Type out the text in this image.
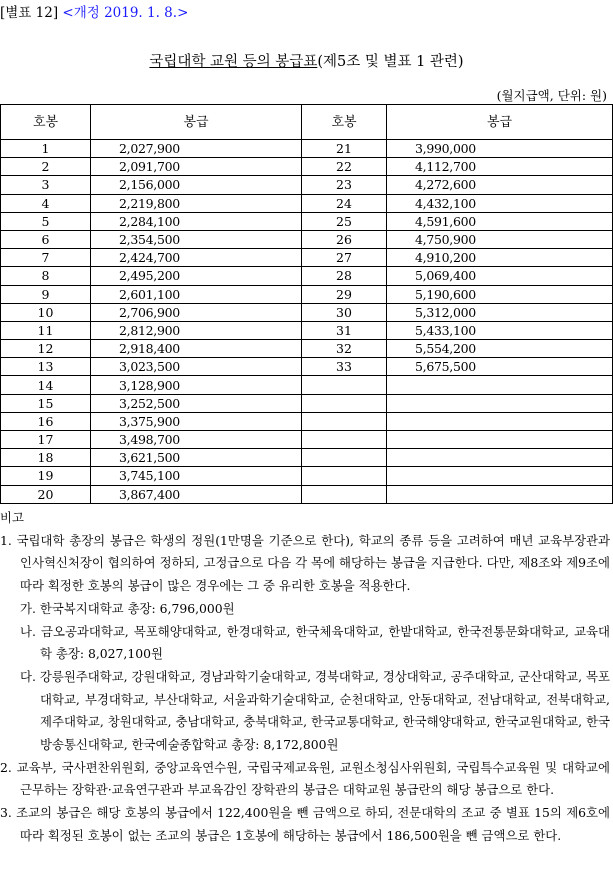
[별표 12] <개정 2019. 1. 8.>
국립대학 교원 등의 봉급표(제5조 및 별표 1 관련)
(월지급액, 단위: 원)
호봉	봉급	호봉	봉급
1	2,027,900	21	3,990,000
2	2,091,700	22	4,112,700
3	2,156,000	23	4,272,600
4	2,219,800	24	4,432,100
5	2,284,100	25	4,591,600
6	2,354,500	26	4,750,900
7	2,424,700	27	4,910,200
8	2,495,200	28	5,069,400
9	2,601,100	29	5,190,600
10	2,706,900	30	5,312,000
11	2,812,900	31	5,433,100
12	2,918,400	32	5,554,200
13	3,023,500	33	5,675,500
14	3,128,900		
15	3,252,500		
16	3,375,900		
17	3,498,700		
18	3,621,500		
19	3,745,100		
20	3,867,400		
비고
1. 국립대학 총장의 봉급은 학생의 정원(1만명을 기준으로 한다), 학교의 종류 등을 고려하여 매년 교육부장관과 인사혁신처장이 협의하여 정하되, 고정급으로 다음 각 목에 해당하는 봉급을 지급한다. 다만, 제8조와 제9조에 따라 획정한 호봉의 봉급이 많은 경우에는 그 중 유리한 호봉을 적용한다.
가. 한국복지대학교 총장: 6,796,000원
나. 금오공과대학교, 목포해양대학교, 한경대학교, 한국체육대학교, 한밭대학교, 한국전통문화대학교, 교육대학 총장: 8,027,100원
다. 강릉원주대학교, 강원대학교, 경남과학기술대학교, 경북대학교, 경상대학교, 공주대학교, 군산대학교, 목포대학교, 부경대학교, 부산대학교, 서울과학기술대학교, 순천대학교, 안동대학교, 전남대학교, 전북대학교, 제주대학교, 창원대학교, 충남대학교, 충북대학교, 한국교통대학교, 한국해양대학교, 한국교원대학교, 한국방송통신대학교, 한국예술종합학교 총장: 8,172,800원
2. 교육부, 국사편찬위원회, 중앙교육연수원, 국립국제교육원, 교원소청심사위원회, 국립특수교육원 및 대학교에 근무하는 장학관·교육연구관과 부교육감인 장학관의 봉급은 대학교원 봉급란의 해당 봉급으로 한다.
3. 조교의 봉급은 해당 호봉의 봉급에서 122,400원을 뺀 금액으로 하되, 전문대학의 조교 중 별표 15의 제6호에 따라 획정된 호봉이 없는 조교의 봉급은 1호봉에 해당하는 봉급에서 186,500원을 뺀 금액으로 한다.
